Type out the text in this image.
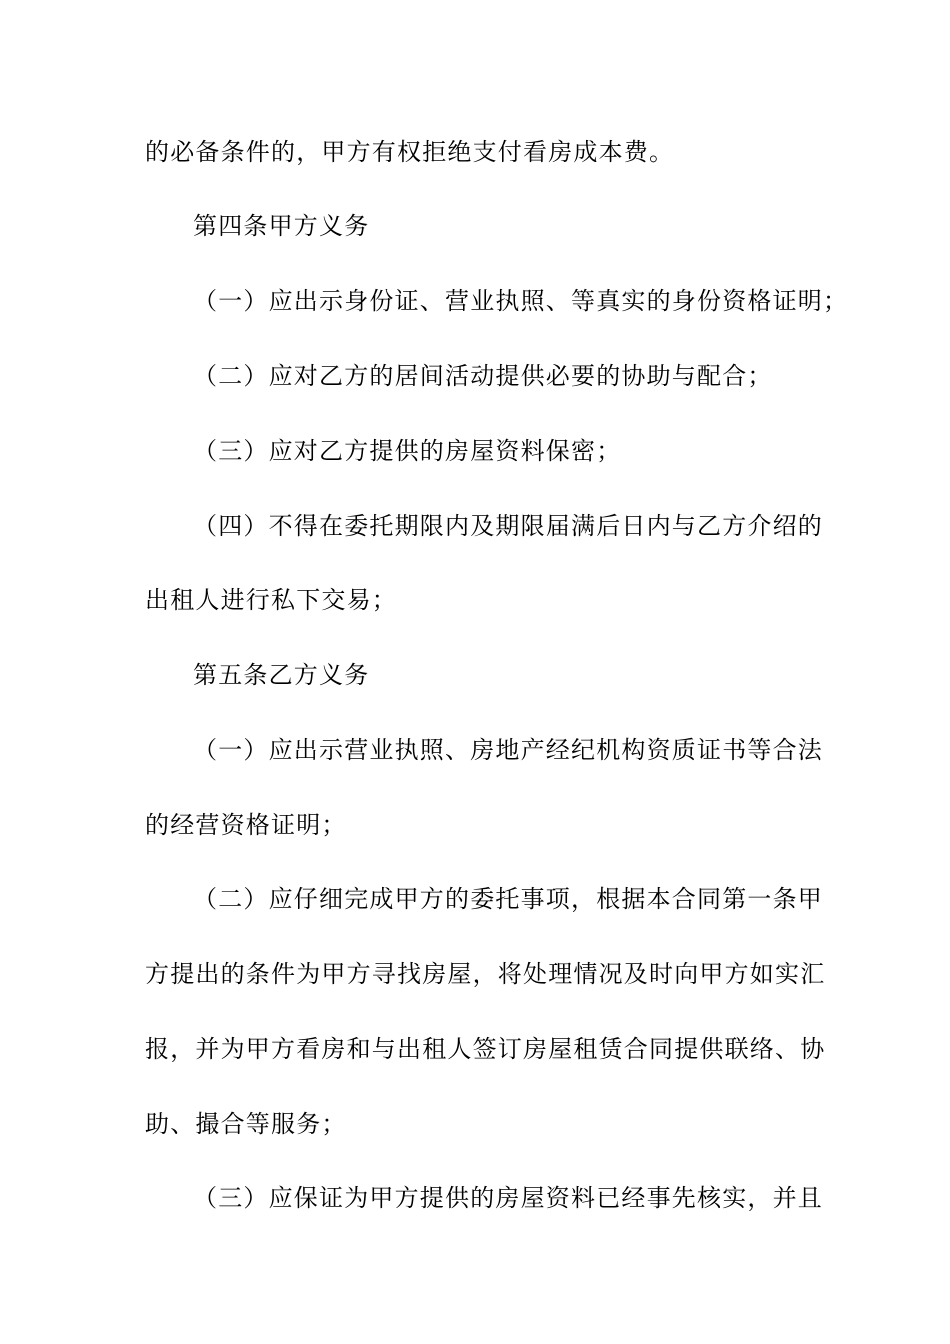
的必备条件的，甲方有权拒绝支付看房成本费。
第四条甲方义务
（一）应出示身份证、营业执照、等真实的身份资格证明；
（二）应对乙方的居间活动提供必要的协助与配合；
（三）应对乙方提供的房屋资料保密；
（四）不得在委托期限内及期限届满后日内与乙方介绍的
出租人进行私下交易；
第五条乙方义务
（一）应出示营业执照、房地产经纪机构资质证书等合法
的经营资格证明；
（二）应仔细完成甲方的委托事项，根据本合同第一条甲
方提出的条件为甲方寻找房屋，将处理情况及时向甲方如实汇
报，并为甲方看房和与出租人签订房屋租赁合同提供联络、协
助、撮合等服务；
（三）应保证为甲方提供的房屋资料已经事先核实，并且
